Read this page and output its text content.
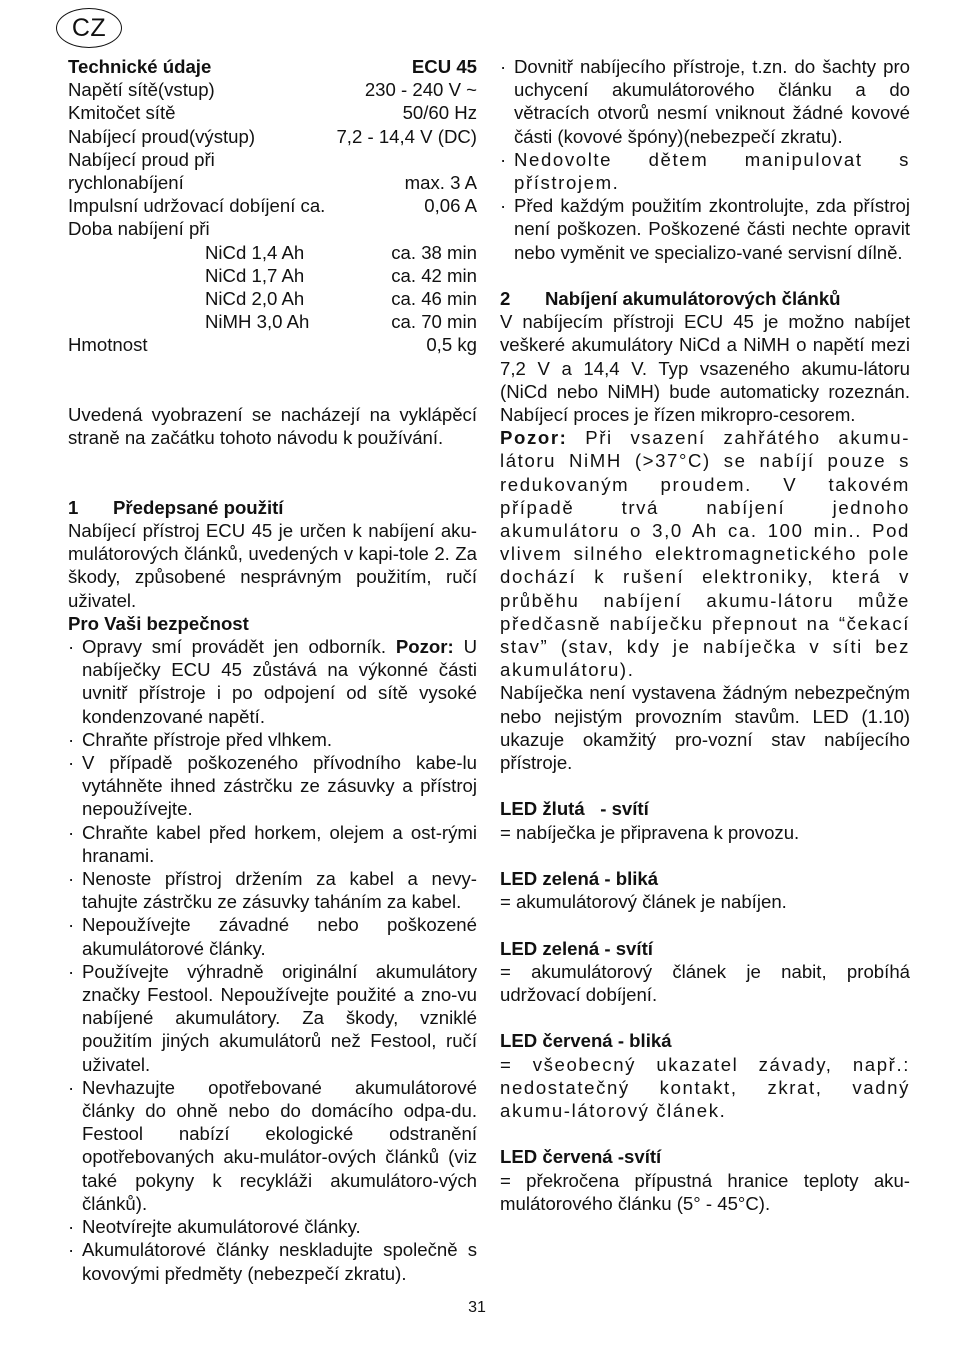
CZ
Technické údaje	ECU 45
Napětí sítě(vstup)	230 - 240 V ~
Kmitočet sítě	50/60 Hz
Nabíjecí proud(výstup)	7,2 - 14,4 V (DC)
Nabíjecí proud při
rychlonabíjení	max. 3 A
Impulsní udržovací dobíjení ca.	0,06 A
Doba nabíjení při
NiCd 1,4 Ah	ca. 38 min
NiCd 1,7 Ah	ca. 42 min
NiCd 2,0 Ah	ca. 46 min
NiMH 3,0 Ah	ca. 70 min
Hmotnost	0,5 kg

Uvedená vyobrazení se nacházejí na vyklápěcí straně na začátku tohoto návodu k používání.

1 Předepsané použití

Nabíjecí přístroj ECU 45 je určen k nabíjení aku-mulátorových článků, uvedených v kapi-tole 2. Za škody, způsobené nesprávným použitím, ručí uživatel.

Pro Vaši bezpečnost
· Opravy smí provádět jen odborník. Pozor: U nabíječky ECU 45 zůstává na výkonné části uvnitř přístroje i po odpojení od sítě vysoké kondenzované napětí.
· Chraňte přístroje před vlhkem.
· V případě poškozeného přívodního kabe-lu vytáhněte ihned zástrčku ze zásuvky a přístroj nepoužívejte.
· Chraňte kabel před horkem, olejem a ost-rými hranami.
· Nenoste přístroj držením za kabel a nevy-tahujte zástrčku ze zásuvky taháním za kabel.
· Nepoužívejte závadné nebo poškozené akumulátorové články.
· Používejte výhradně originální akumulátory značky Festool. Nepoužívejte použité a zno-vu nabíjené akumulátory. Za škody, vzniklé použitím jiných akumulátorů než Festool, ručí uživatel.
· Nevhazujte opotřebované akumulátorové články do ohně nebo do domácího odpa-du. Festool nabízí ekologické odstranění opotřebovaných aku-mulátor-ových článků (viz také pokyny k recykláži akumulátoro-vých článků).
· Neotvírejte akumulátorové články.
· Akumulátorové články neskladujte společně s kovovými předměty (nebezpečí zkratu).
· Dovnitř nabíjecího přístroje, t.zn. do šachty pro uchycení akumulátorového článku a do větracích otvorů nesmí vniknout žádné kovové části (kovové špóny)(nebezpečí zkratu).
· Nedovolte dětem manipulovat s přístrojem.
· Před každým použitím zkontrolujte, zda přístroj není poškozen. Poškozené části nechte opravit nebo vyměnit ve specializo-vané servisní dílně.
2 Nabíjení akumulátorových článků

V nabíjecím přístroji ECU 45 je možno nabíjet veškeré akumulátory NiCd a NiMH o napětí mezi 7,2 V a 14,4 V. Typ vsazeného akumu-látoru (NiCd nebo NiMH) bude automaticky rozeznán. Nabíjecí proces je řízen mikropro-cesorem.

Pozor: Při vsazení zahřátého akumu-látoru NiMH (>37°C) se nabíjí pouze s redukovaným proudem. V takovém případě trvá nabíjení jednoho akumulátoru o 3,0 Ah ca. 100 min.. Pod vlivem silného elektromagnetického pole dochází k rušení elektroniky, která v průběhu nabíjení akumu-látoru může předčasně nabíječku přepnout na “čekací stav” (stav, kdy je nabíječka v síti bez akumulátoru).

Nabíječka není vystavena žádným nebezpečným nebo nejistým provozním stavům. LED (1.10) ukazuje okamžitý pro-vozní stav nabíjecího přístroje.

LED žlutá   - svítí

= nabíječka je připravena k provozu.

LED zelená - bliká

= akumulátorový článek je nabíjen.

LED zelená - svítí

= akumulátorový článek je nabit, probíhá udržovací dobíjení.

LED červená - bliká

= všeobecný ukazatel závady, např.: nedostatečný kontakt, zkrat, vadný akumu-látorový článek.

LED červená -svítí

= překročena přípustná hranice teploty aku-mulátorového článku (5° - 45°C).

31
